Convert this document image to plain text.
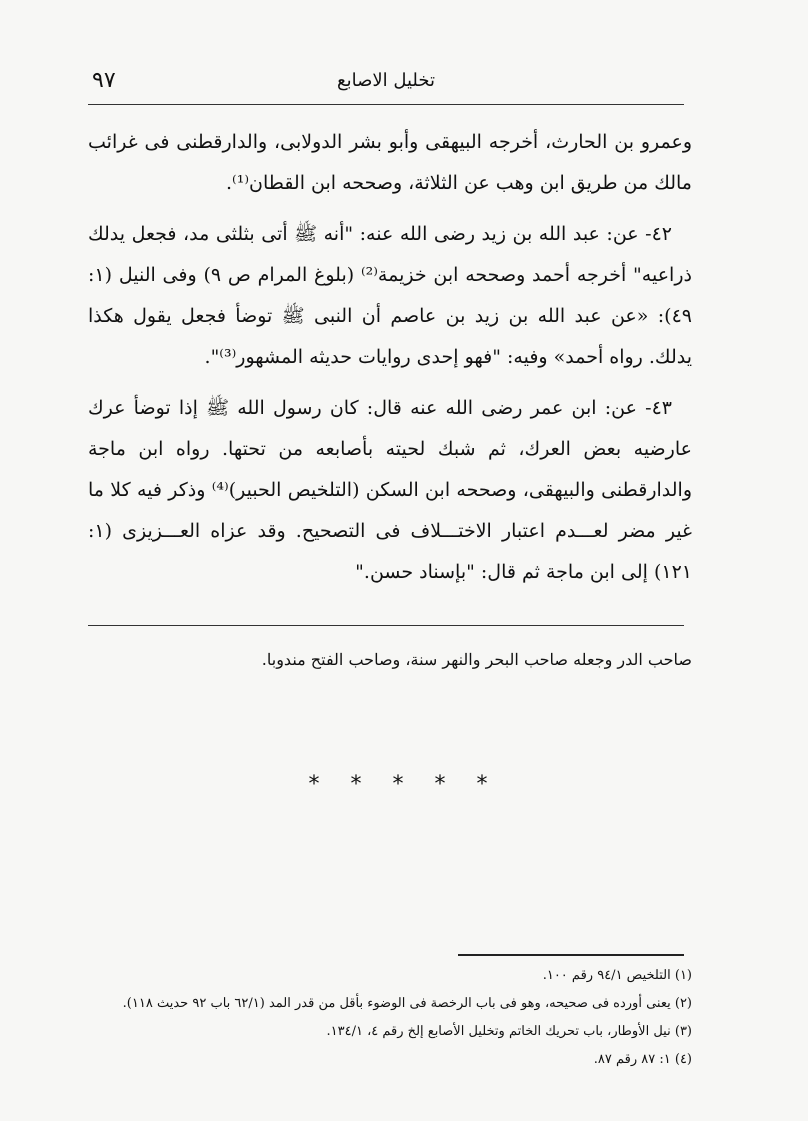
تخليل الاصابع
٩٧

وعمرو بن الحارث، أخرجه البيهقى وأبو بشر الدولابى، والدارقطنى فى غرائب مالك من طريق ابن وهب عن الثلاثة، وصححه ابن القطان⁽¹⁾.

٤٢- عن: عبد الله بن زيد رضى الله عنه: "أنه ﷺ أتى بثلثى مد، فجعل يدلك ذراعيه" أخرجه أحمد وصححه ابن خزيمة⁽²⁾ (بلوغ المرام ص ٩) وفى النيل (١: ٤٩): «عن عبد الله بن زيد بن عاصم أن النبى ﷺ توضأ فجعل يقول هكذا يدلك. رواه أحمد» وفيه: "فهو إحدى روايات حديثه المشهور⁽³⁾".

٤٣- عن: ابن عمر رضى الله عنه قال: كان رسول الله ﷺ إذا توضأ عرك عارضيه بعض العرك، ثم شبك لحيته بأصابعه من تحتها. رواه ابن ماجة والدارقطنى والبيهقى، وصححه ابن السكن (التلخيص الحبير)⁽⁴⁾ وذكر فيه كلا ما غير مضر لعـــدم اعتبار الاختـــلاف فى التصحيح. وقد عزاه العـــزيزى (١: ١٢١) إلى ابن ماجة ثم قال: "بإسناد حسن."

صاحب الدر وجعله صاحب البحر والنهر سنة، وصاحب الفتح مندوبا.
* * * * *
(١) التلخيص ٩٤/١ رقم ١٠٠.
(٢) يعنى أورده فى صحيحه، وهو فى باب الرخصة فى الوضوء بأقل من قدر المد (٦٢/١ باب ٩٢ حديث ١١٨).
(٣) نيل الأوطار، باب تحريك الخاتم وتخليل الأصابع إلخ رقم ٤، ١٣٤/١.
(٤) ١: ٨٧ رقم ٨٧.
